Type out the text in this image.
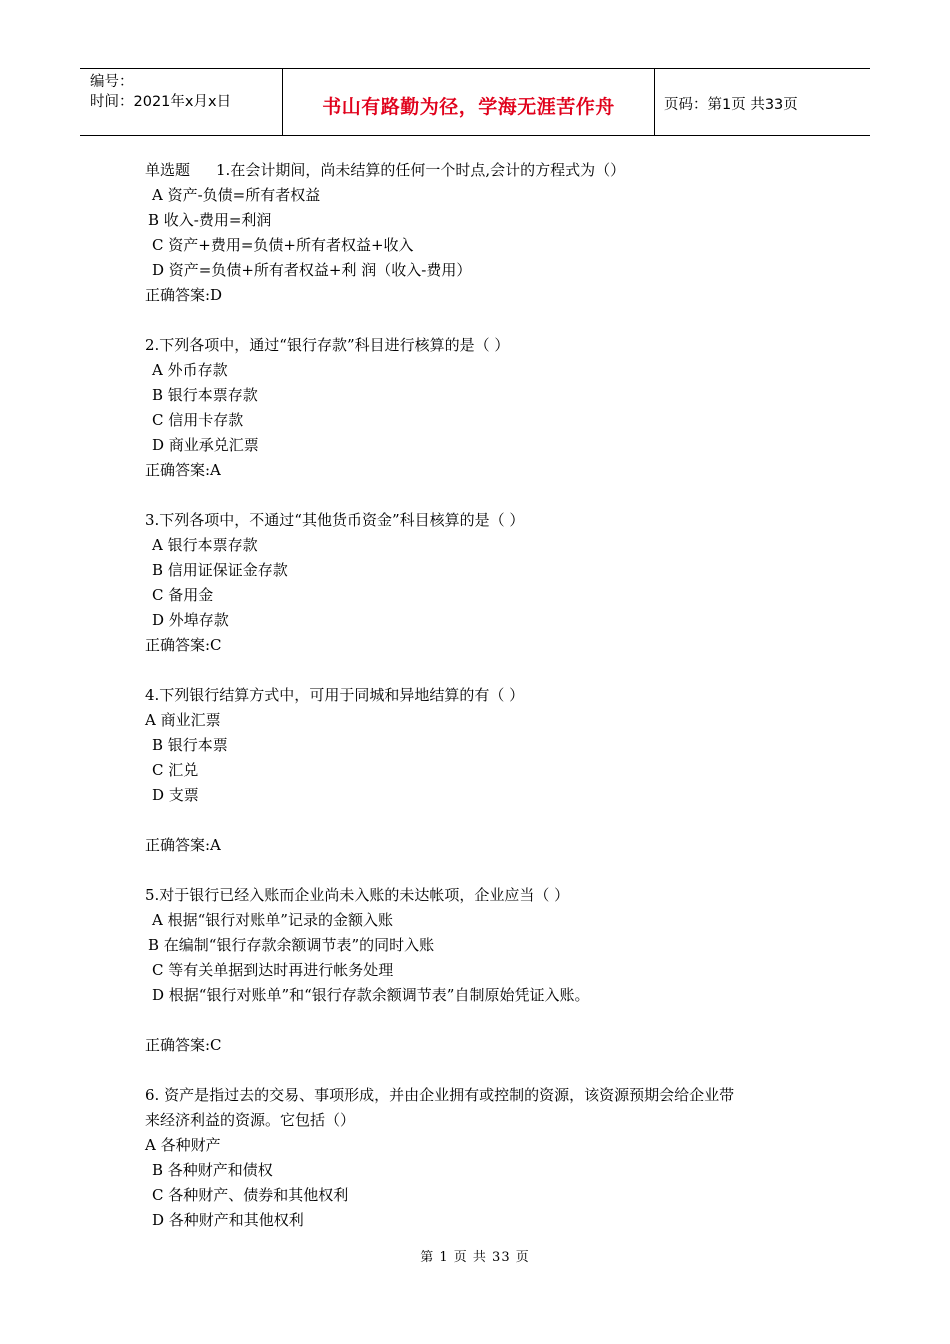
编号：
时间：2021年x月x日	书山有路勤为径，学海无涯苦作舟	页码：第1页 共33页
单选题 1.在会计期间，尚未结算的任何一个时点,会计的方程式为（）
A 资产-负债=所有者权益
B 收入-费用=利润
C 资产+费用=负债+所有者权益+收入
D 资产=负债+所有者权益+利 润（收入-费用）
正确答案:D
2.下列各项中，通过“银行存款”科目进行核算的是（ ）
A 外币存款
B 银行本票存款
C 信用卡存款
D 商业承兑汇票
正确答案:A
3.下列各项中，不通过“其他货币资金”科目核算的是（ ）
A 银行本票存款
B 信用证保证金存款
C 备用金
D 外埠存款
正确答案:C
4.下列银行结算方式中，可用于同城和异地结算的有（ ）
A 商业汇票
B 银行本票
C 汇兑
D 支票
正确答案:A
5.对于银行已经入账而企业尚未入账的未达帐项，企业应当（ ）
A 根据“银行对账单”记录的金额入账
B 在编制“银行存款余额调节表”的同时入账
C 等有关单据到达时再进行帐务处理
D 根据“银行对账单”和“银行存款余额调节表”自制原始凭证入账。
正确答案:C
6. 资产是指过去的交易、事项形成，并由企业拥有或控制的资源，该资源预期会给企业带
来经济利益的资源。它包括（）
A 各种财产
B 各种财产和债权
C 各种财产、债券和其他权利
D 各种财产和其他权利
第 1 页 共 33 页
